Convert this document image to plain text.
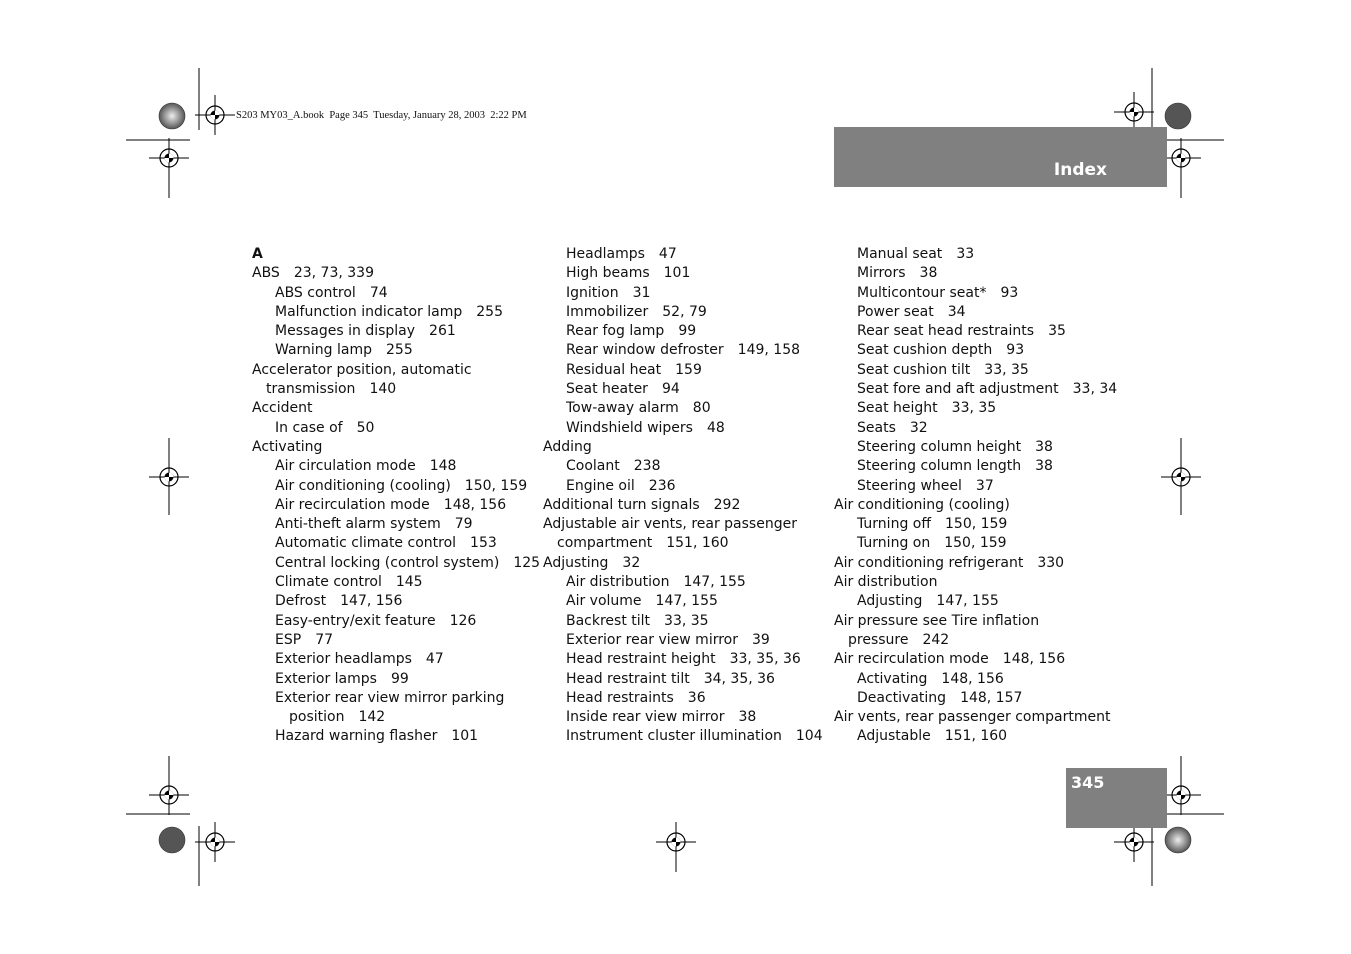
S203 MY03_A.book  Page 345  Tuesday, January 28, 2003  2:22 PM
Index
345
A
ABS 23, 73, 339
ABS control 74
Malfunction indicator lamp 255
Messages in display 261
Warning lamp 255
Accelerator position, automatic
transmission 140
Accident
In case of 50
Activating
Air circulation mode 148
Air conditioning (cooling) 150, 159
Air recirculation mode 148, 156
Anti-theft alarm system 79
Automatic climate control 153
Central locking (control system) 125
Climate control 145
Defrost 147, 156
Easy-entry/exit feature 126
ESP 77
Exterior headlamps 47
Exterior lamps 99
Exterior rear view mirror parking
position 142
Hazard warning flasher 101
Headlamps 47
High beams 101
Ignition 31
Immobilizer 52, 79
Rear fog lamp 99
Rear window defroster 149, 158
Residual heat 159
Seat heater 94
Tow-away alarm 80
Windshield wipers 48
Adding
Coolant 238
Engine oil 236
Additional turn signals 292
Adjustable air vents, rear passenger
compartment 151, 160
Adjusting 32
Air distribution 147, 155
Air volume 147, 155
Backrest tilt 33, 35
Exterior rear view mirror 39
Head restraint height 33, 35, 36
Head restraint tilt 34, 35, 36
Head restraints 36
Inside rear view mirror 38
Instrument cluster illumination 104
Manual seat 33
Mirrors 38
Multicontour seat* 93
Power seat 34
Rear seat head restraints 35
Seat cushion depth 93
Seat cushion tilt 33, 35
Seat fore and aft adjustment 33, 34
Seat height 33, 35
Seats 32
Steering column height 38
Steering column length 38
Steering wheel 37
Air conditioning (cooling)
Turning off 150, 159
Turning on 150, 159
Air conditioning refrigerant 330
Air distribution
Adjusting 147, 155
Air pressure see Tire inflation
pressure 242
Air recirculation mode 148, 156
Activating 148, 156
Deactivating 148, 157
Air vents, rear passenger compartment
Adjustable 151, 160
